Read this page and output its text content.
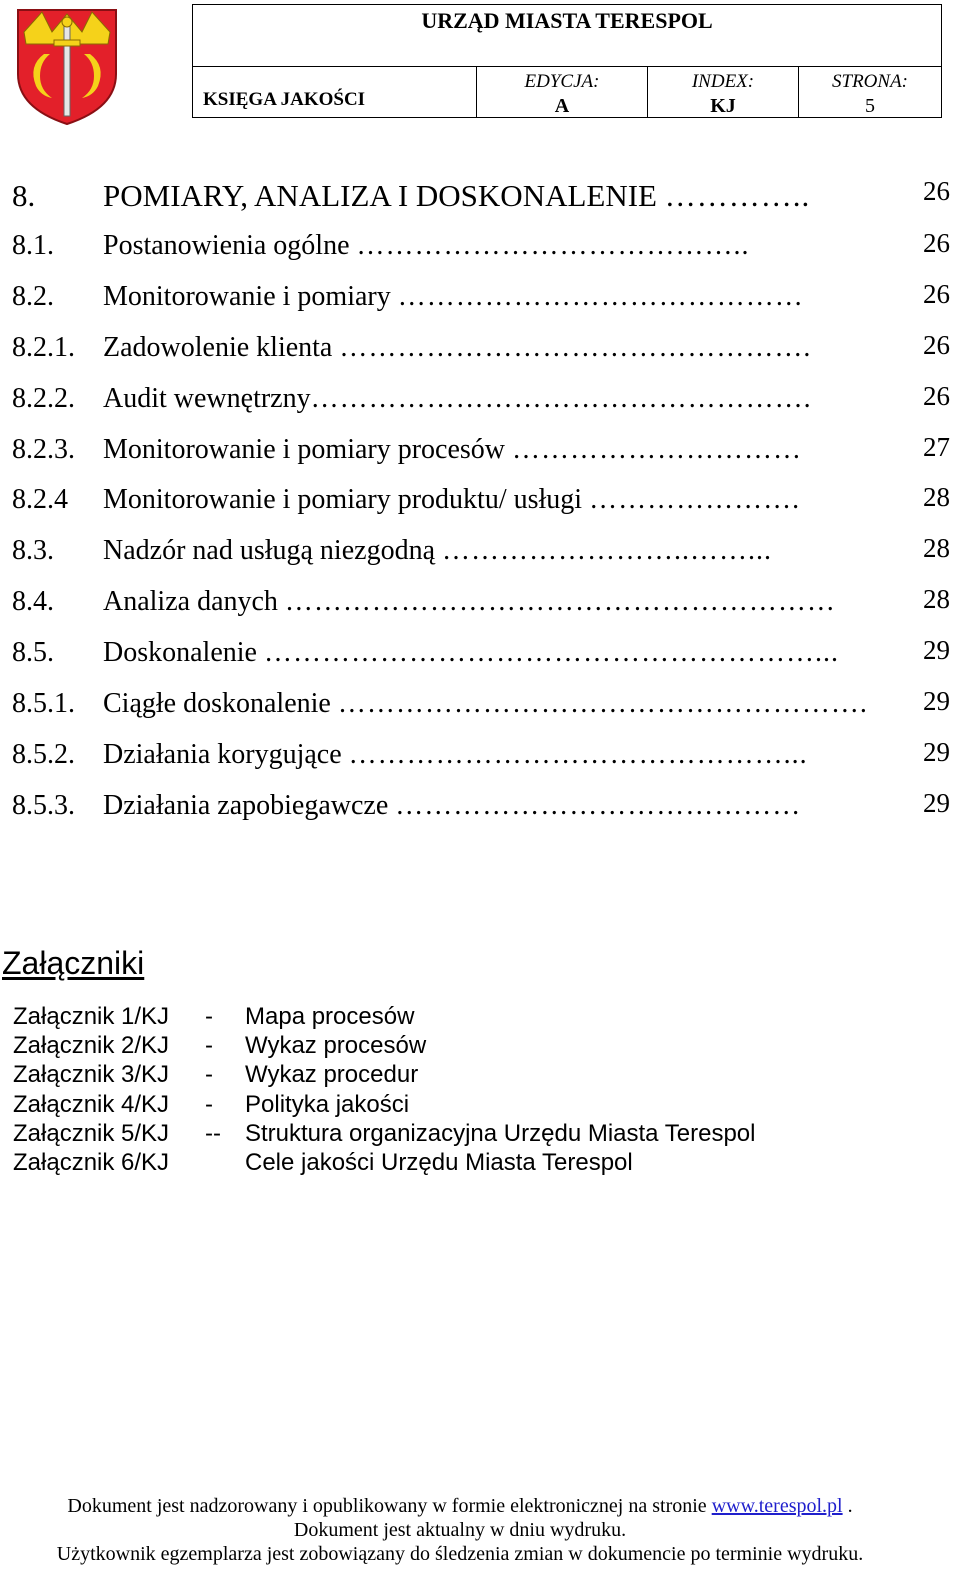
URZĄD MIASTA TERESPOL
KSIĘGA JAKOŚCI
EDYCJA:
A
INDEX:
KJ
STRONA:
5
8. POMIARY, ANALIZA I DOSKONALENIE …………..	26
8.1. Postanowienia ogólne …………………………………..	26
8.2. Monitorowanie i pomiary ……………………………………	26
8.2.1. Zadowolenie klienta ………………………………………….	26
8.2.2. Audit wewnętrzny…………………………………………….	26
8.2.3. Monitorowanie i pomiary procesów …………………………	27
8.2.4 Monitorowanie i pomiary produktu/ usługi ………………….	28
8.3. Nadzór nad usługą niezgodną ……………………..……...	28
8.4. Analiza danych …………………………………………………	28
8.5. Doskonalenie …………………………………………………...	29
8.5.1. Ciągłe doskonalenie ………………………………………………. 29
8.5.2. Działania korygujące ………………………………………...	29
8.5.3. Działania zapobiegawcze ……………………………………	29
Załączniki
Załącznik 1/KJ - Mapa procesów
Załącznik 2/KJ - Wykaz procesów
Załącznik 3/KJ - Wykaz procedur
Załącznik 4/KJ - Polityka jakości
Załącznik 5/KJ -- Struktura organizacyjna Urzędu Miasta Terespol
Załącznik 6/KJ	Cele jakości Urzędu Miasta Terespol
Dokument jest nadzorowany i opublikowany w formie elektronicznej na stronie www.terespol.pl .
Dokument jest aktualny w dniu wydruku.
Użytkownik egzemplarza jest zobowiązany do śledzenia zmian w dokumencie po terminie wydruku.
